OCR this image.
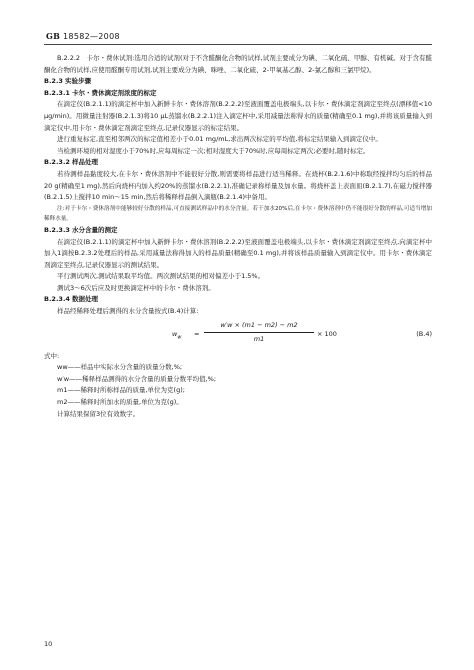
GB 18582—2008

B.2.2.2　卡尔・费休试剂:选用合适的试剂(对于不含醛酮化合物的试样,试剂主要成分为碘、二氧化硫、甲醇、有机碱。对于含有醛酮化合物的试样,应使用醛酮专用试剂,试剂主要成分为碘、咪唑、二氧化硫、2-甲氧基乙醇、2-氯乙醇和三氯甲烷)。

B.2.3 实验步骤

B.2.3.1 卡尔・费休滴定剂浓度的标定

在滴定仪(B.2.1.1)的滴定杯中加入新鲜卡尔・费休溶剂(B.2.2.2)至液面覆盖电极端头,以卡尔・费休滴定剂滴定至终点(漂移值<10 μg/min)。用微量注射器(B.2.1.3)将10 μL蒸馏水(B.2.2.1)注入滴定杯中,采用减量法称得水的质量(精确至0.1 mg),并将该质量输入到滴定仪中,用卡尔・费休滴定剂滴定至终点,记录仪器显示的标定结果。

进行重复标定,直至相邻两次的标定值相差小于0.01 mg/mL,求出两次标定的平均值,将标定结果输入到滴定仪中。

当检测环境的相对湿度小于70%时,应每周标定一次;相对湿度大于70%时,应每周标定两次;必要时,随时标定。

B.2.3.2 样品处理

若待测样品黏度较大,在卡尔・费休溶剂中不能很好分散,则需要将样品进行适当稀释。在烧杯(B.2.1.6)中称取经搅拌均匀后的样品20 g(精确至1 mg),然后向烧杯内加入约20%的蒸馏水(B.2.2.1),准确记录称样量及加水量。将烧杯盖上表面皿(B.2.1.7),在磁力搅拌器(B.2.1.5)上搅拌10 min～15 min,然后将稀释样品倒入滴瓶(B.2.1.4)中备用。

注:对于卡尔・费休溶剂中能够较好分散的样品,可直接测试样品中的水分含量。若干加水20%后,在卡尔・费休溶剂中仍不能很好分散的样品,可适当增加稀释水量。

B.2.3.3 水分含量的测定

在滴定仪(B.2.1.1)的滴定杯中加入新鲜卡尔・费休溶剂(B.2.2.2)至液面覆盖电极端头,以卡尔・费休滴定剂滴定至终点,向滴定杯中加入1滴按B.2.3.2处理后的样品,采用减量法称得加入的样品质量(精确至0.1 mg),并将该样品质量输入到滴定仪中。用卡尔・费休滴定剂滴定至终点,记录仪器显示的测试结果。

平行测试两次,测试结果取平均值。两次测试结果的相对偏差小于1.5%。

测试3～6次后应及时更换滴定杯中的卡尔・费休溶剂。

B.2.3.4 数据处理

样品经稀释处理后测得的水分含量按式(B.4)计算:

$w_w$ =
w′w × (m1 − m2) − m2
m1
× 100	(B.4)

式中:

ww——样品中实际水分含量的质量分数,%;

w′w——稀释样品测得的水分含量的质量分数平均值,%;

m1——稀释时所称样品的质量,单位为克(g);

m2——稀释时所加水的质量,单位为克(g)。

计算结果保留3位有效数字。

10
